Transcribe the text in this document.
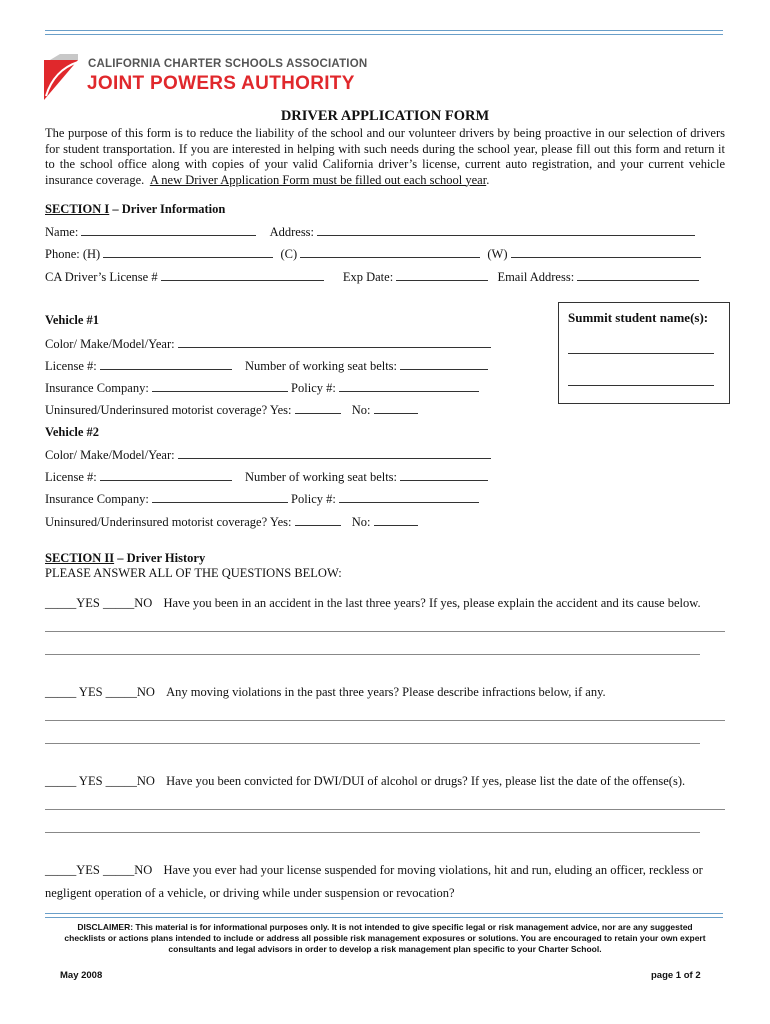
CALIFORNIA CHARTER SCHOOLS ASSOCIATION
JOINT POWERS AUTHORITY
DRIVER APPLICATION FORM
The purpose of this form is to reduce the liability of the school and our volunteer drivers by being proactive in our selection of drivers for student transportation. If you are interested in helping with such needs during the school year, please fill out this form and return it to the school office along with copies of your valid California driver’s license, current auto registration, and your current vehicle insurance coverage. A new Driver Application Form must be filled out each school year.
SECTION I – Driver Information
Name:	Address:
Phone: (H)	(C)	(W)
CA Driver’s License #	Exp Date:	Email Address:
Summit student name(s):
Vehicle #1
Color/ Make/Model/Year:
License #:	Number of working seat belts:
Insurance Company:	Policy #:
Uninsured/Underinsured motorist coverage? Yes:	No:
Vehicle #2
Color/ Make/Model/Year:
License #:	Number of working seat belts:
Insurance Company:	Policy #:
Uninsured/Underinsured motorist coverage? Yes:	No:
SECTION II – Driver History
PLEASE ANSWER ALL OF THE QUESTIONS BELOW:
_____YES _____NO Have you been in an accident in the last three years? If yes, please explain the accident and its cause below.
_____ YES _____NO Any moving violations in the past three years? Please describe infractions below, if any.
_____ YES _____NO Have you been convicted for DWI/DUI of alcohol or drugs? If yes, please list the date of the offense(s).
_____YES _____NO Have you ever had your license suspended for moving violations, hit and run, eluding an officer, reckless or
negligent operation of a vehicle, or driving while under suspension or revocation?
DISCLAIMER: This material is for informational purposes only. It is not intended to give specific legal or risk management advice, nor are any suggested checklists or actions plans intended to include or address all possible risk management exposures or solutions. You are encouraged to retain your own expert consultants and legal advisors in order to develop a risk management plan specific to your Charter School.
May 2008	page 1 of 2
